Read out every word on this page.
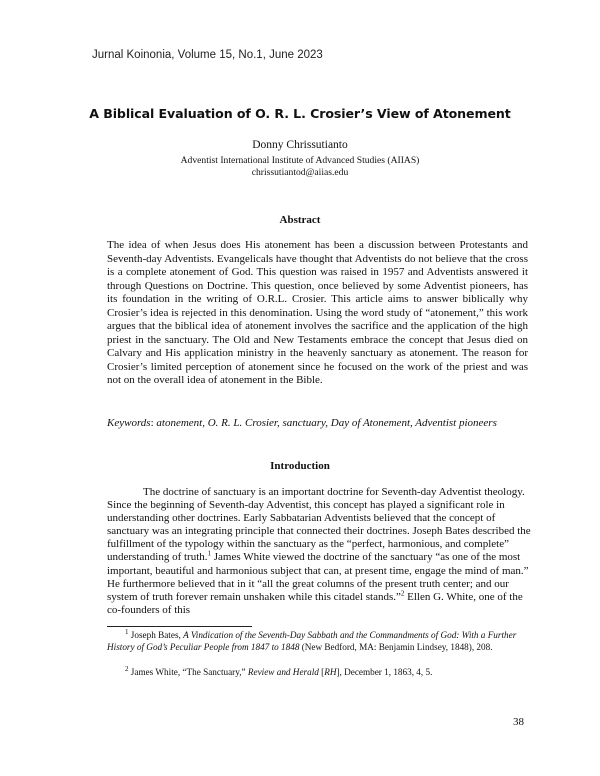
Jurnal Koinonia, Volume 15, No.1, June 2023
A Biblical Evaluation of O. R. L. Crosier’s View of Atonement
Donny Chrissutianto
Adventist International Institute of Advanced Studies (AIIAS)
chrissutiantod@aiias.edu
Abstract

The idea of when Jesus does His atonement has been a discussion between Protestants and Seventh-day Adventists. Evangelicals have thought that Adventists do not believe that the cross is a complete atonement of God. This question was raised in 1957 and Adventists answered it through Questions on Doctrine. This question, once believed by some Adventist pioneers, has its foundation in the writing of O.R.L. Crosier. This article aims to answer biblically why Crosier’s idea is rejected in this denomination. Using the word study of “atonement,” this work argues that the biblical idea of atonement involves the sacrifice and the application of the high priest in the sanctuary. The Old and New Testaments embrace the concept that Jesus died on Calvary and His application ministry in the heavenly sanctuary as atonement. The reason for Crosier’s limited perception of atonement since he focused on the work of the priest and was not on the overall idea of atonement in the Bible.

Keywords: atonement, O. R. L. Crosier, sanctuary, Day of Atonement, Adventist pioneers
Introduction

The doctrine of sanctuary is an important doctrine for Seventh-day Adventist theology. Since the beginning of Seventh-day Adventist, this concept has played a significant role in understanding other doctrines. Early Sabbatarian Adventists believed that the concept of sanctuary was an integrating principle that connected their doctrines. Joseph Bates described the fulfillment of the typology within the sanctuary as the “perfect, harmonious, and complete” understanding of truth.$^1$ James White viewed the doctrine of the sanctuary “as one of the most important, beautiful and harmonious subject that can, at present time, engage the mind of man.” He furthermore believed that in it “all the great columns of the present truth center; and our system of truth forever remain unshaken while this citadel stands.”$^2$ Ellen G. White, one of the co-founders of this

$^1$ Joseph Bates, A Vindication of the Seventh-Day Sabbath and the Commandments of God: With a Further History of God’s Peculiar People from 1847 to 1848 (New Bedford, MA: Benjamin Lindsey, 1848), 208.

$^2$ James White, “The Sanctuary,” Review and Herald [RH], December 1, 1863, 4, 5.

38
